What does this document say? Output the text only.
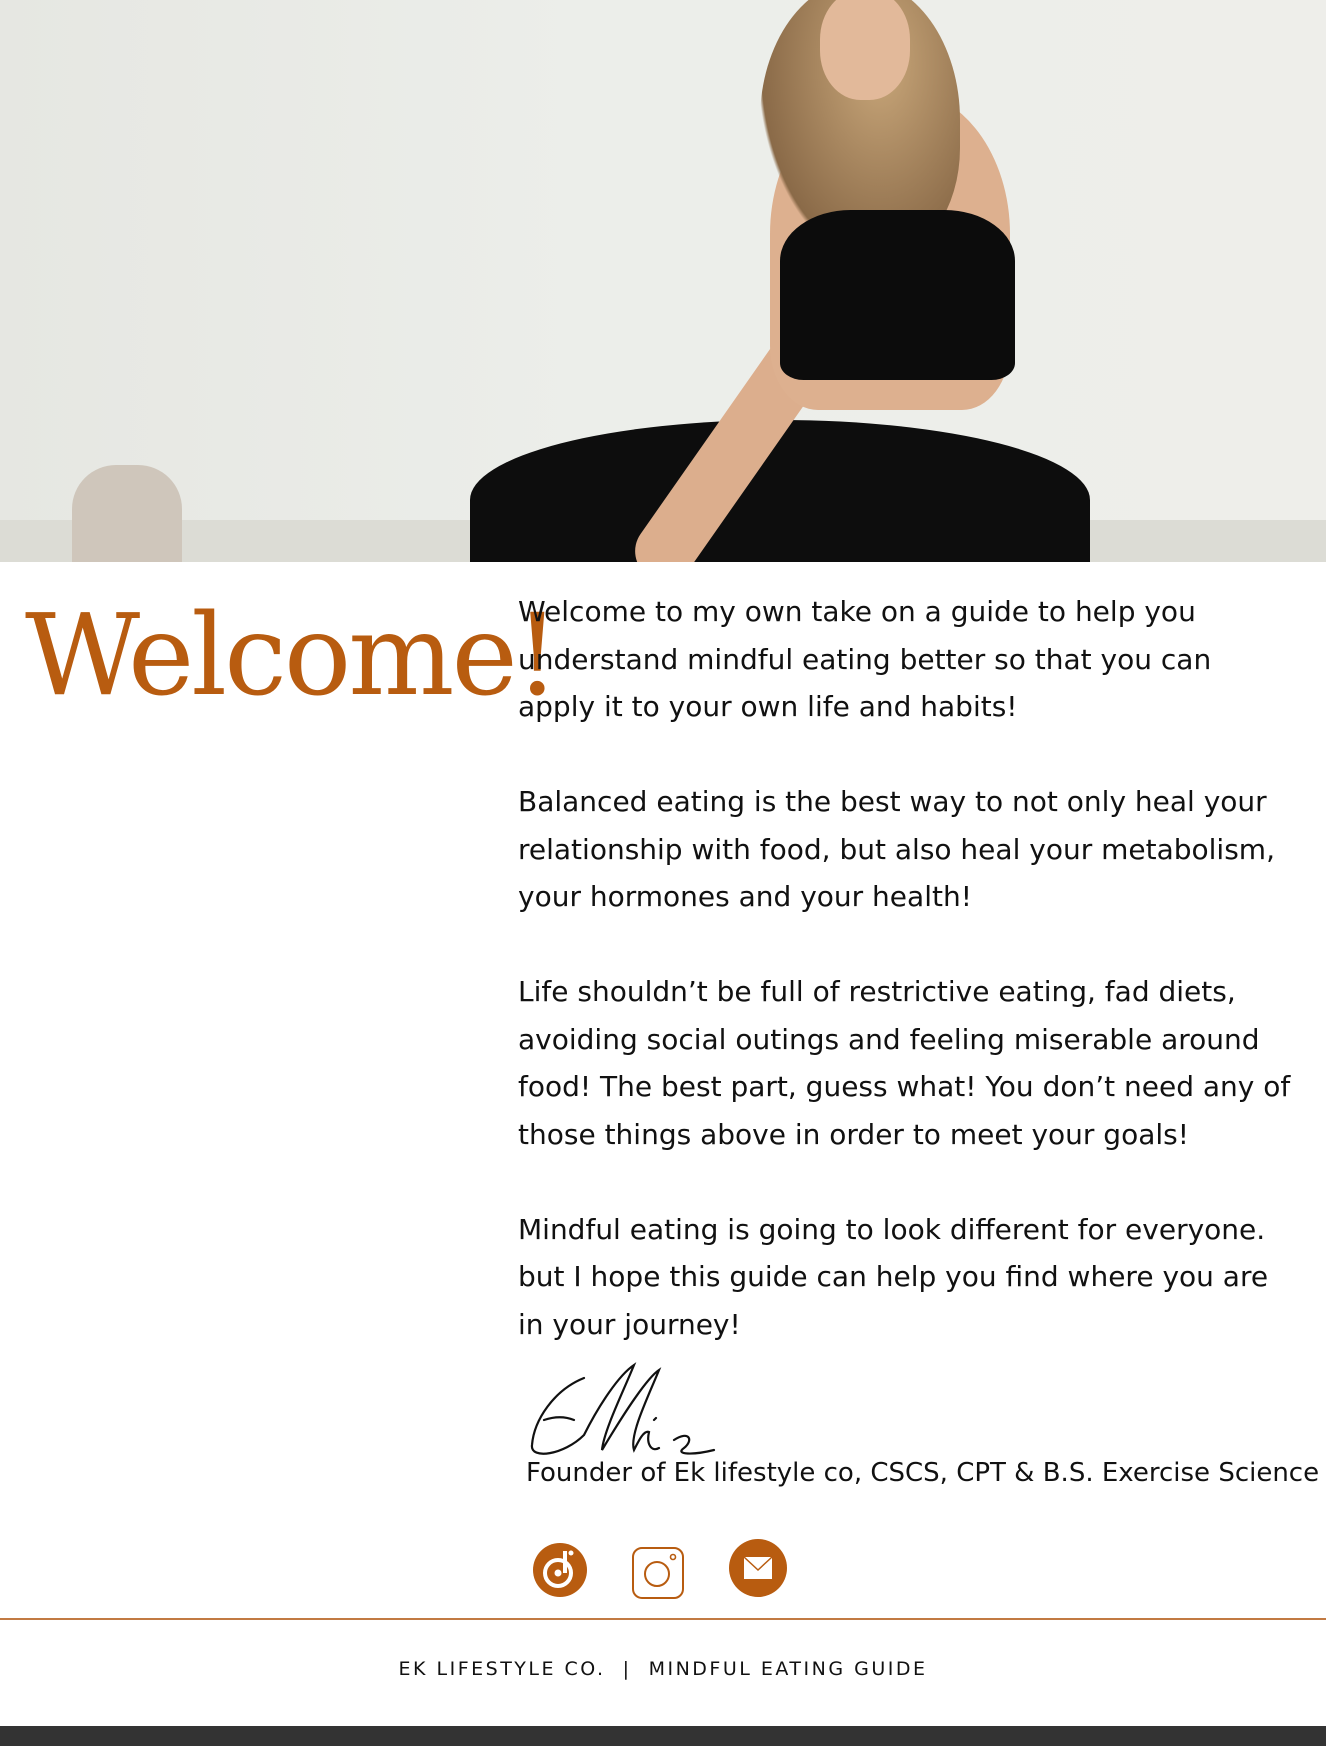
Welcome!

Welcome to my own take on a guide to help you
understand mindful eating better so that you can
apply it to your own life and habits!

Balanced eating is the best way to not only heal your
relationship with food, but also heal your metabolism,
your hormones and your health!

Life shouldn’t be full of restrictive eating, fad diets,
avoiding social outings and feeling miserable around
food! The best part, guess what! You don’t need any of
those things above in order to meet your goals!

Mindful eating is going to look different for everyone.
but I hope this guide can help you find where you are
in your journey!

Founder of Ek lifestyle co, CSCS, CPT & B.S. Exercise Science
EK LIFESTYLE CO.  |  MINDFUL EATING GUIDE
